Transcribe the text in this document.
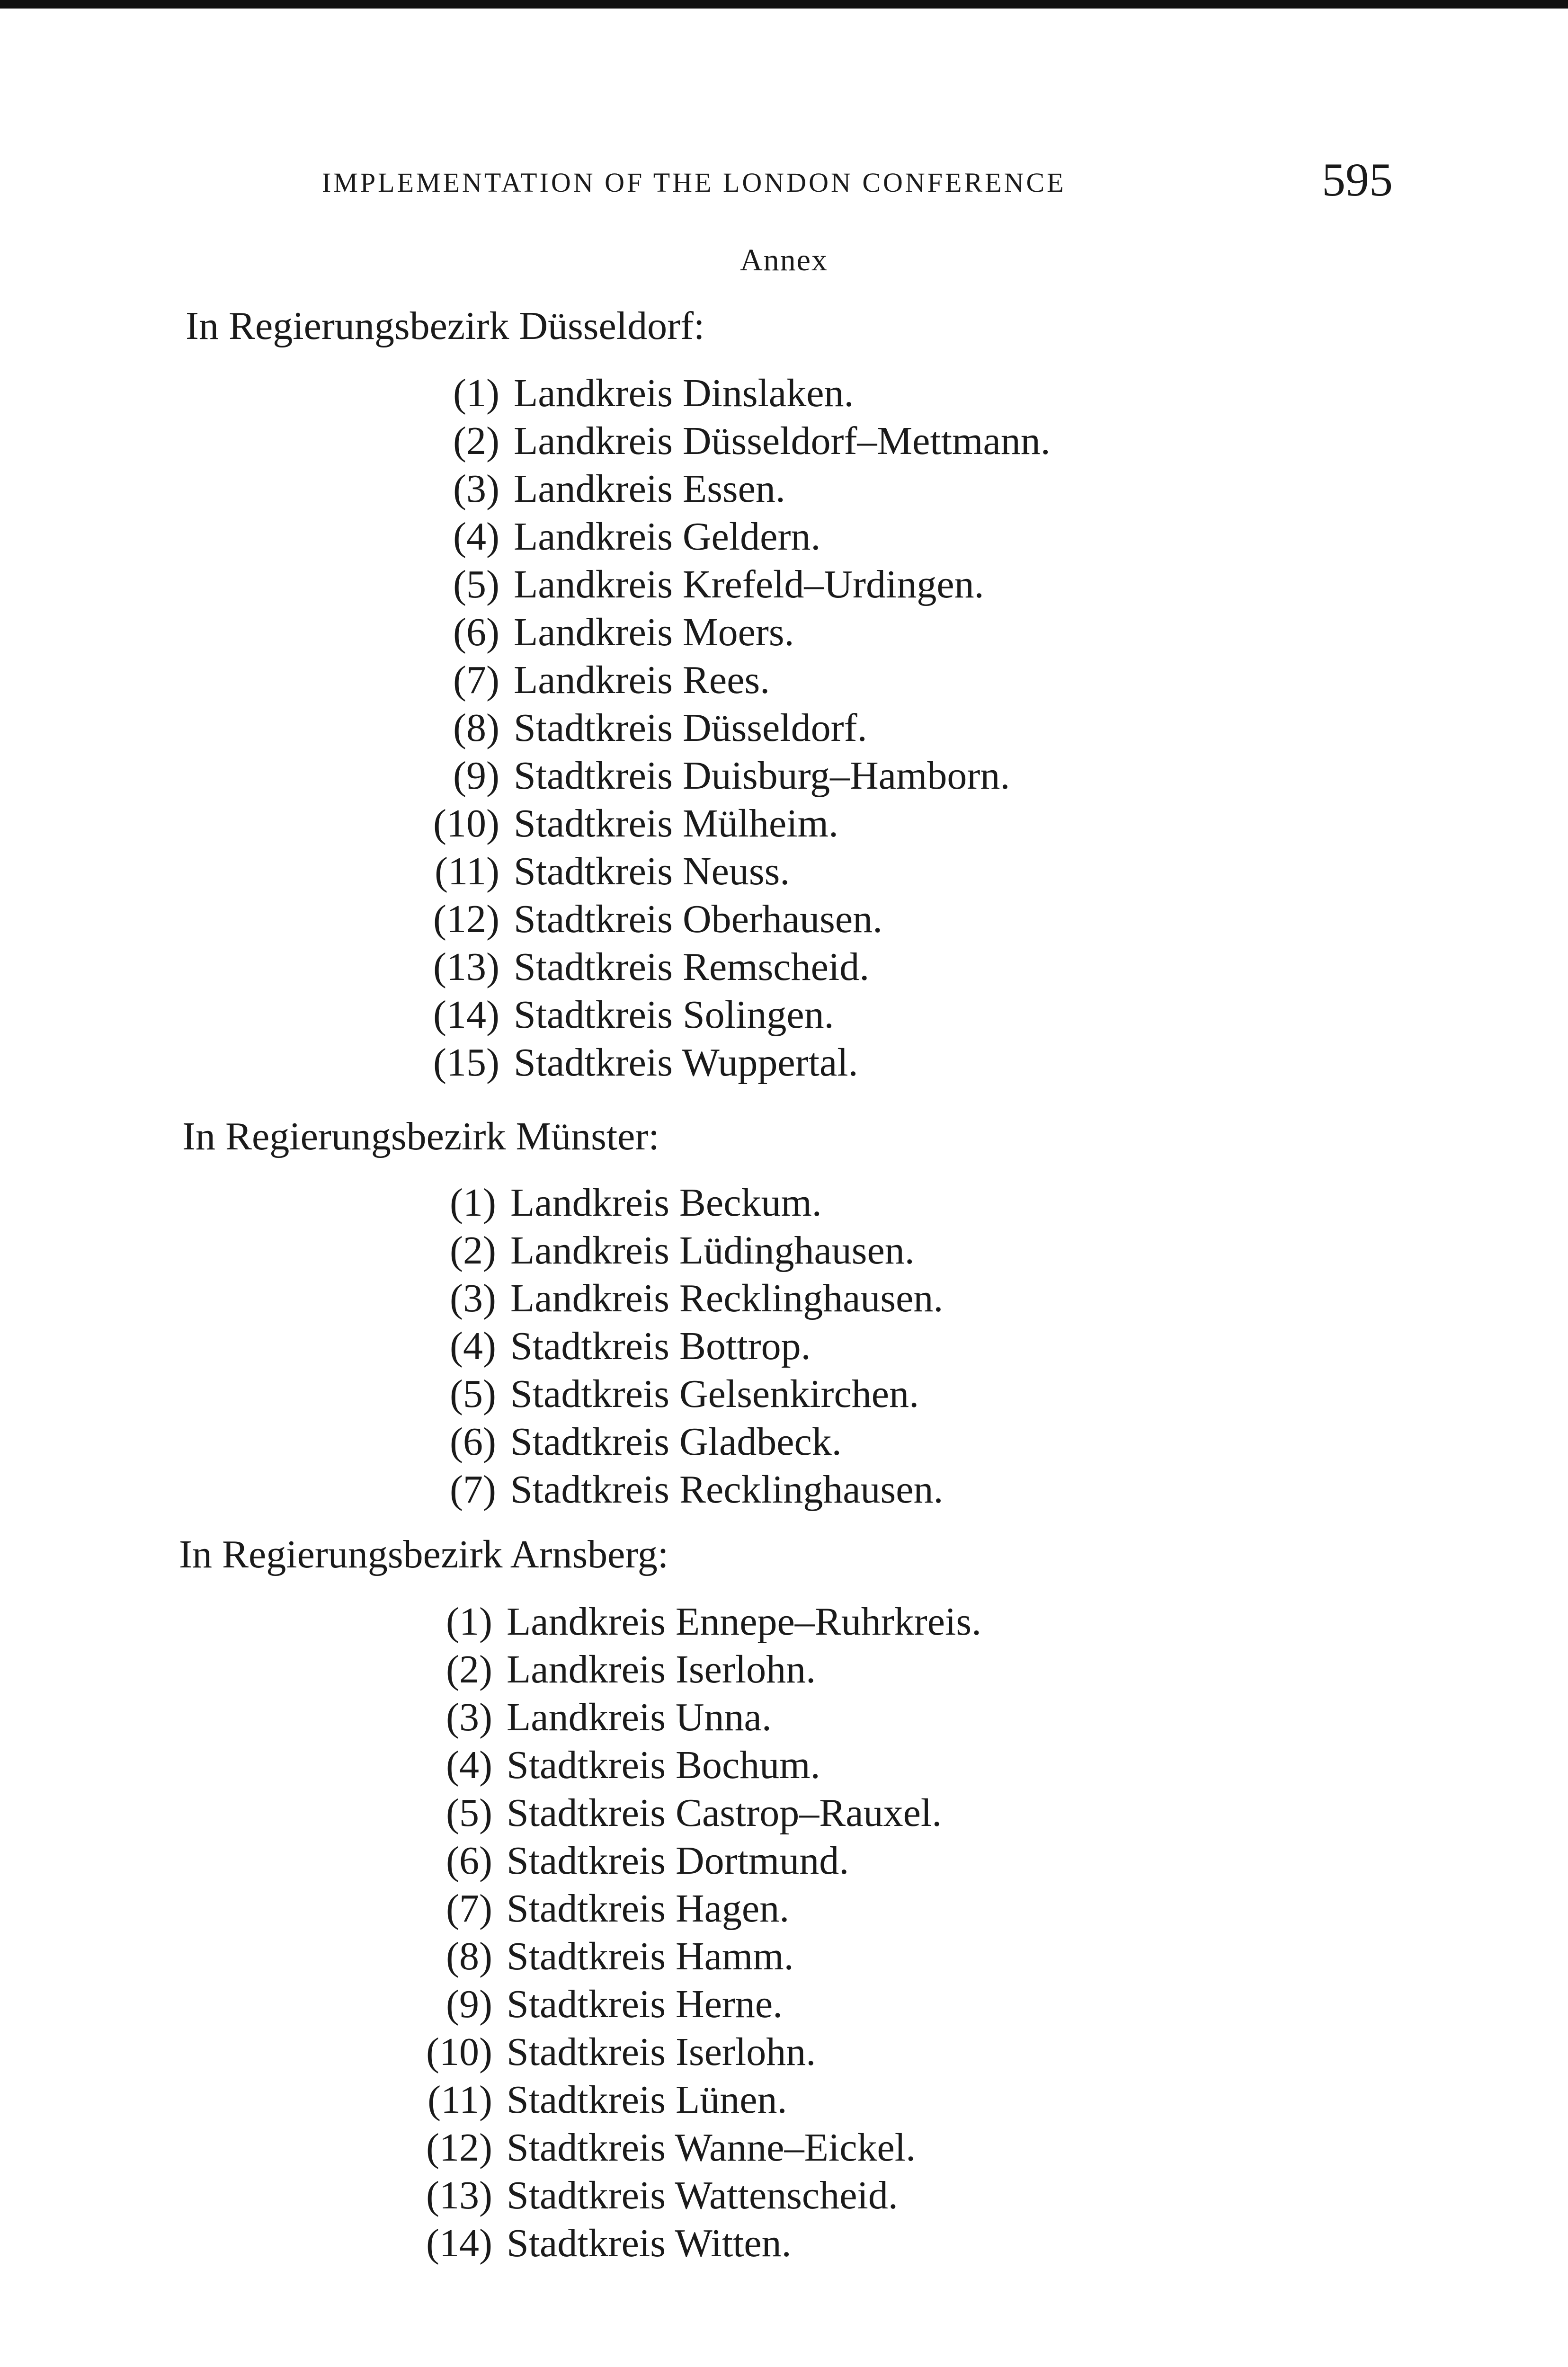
IMPLEMENTATION OF THE LONDON CONFERENCE	595
Annex
In Regierungsbezirk Düsseldorf:
(1) Landkreis Dinslaken.
(2) Landkreis Düsseldorf–Mettmann.
(3) Landkreis Essen.
(4) Landkreis Geldern.
(5) Landkreis Krefeld–Urdingen.
(6) Landkreis Moers.
(7) Landkreis Rees.
(8) Stadtkreis Düsseldorf.
(9) Stadtkreis Duisburg–Hamborn.
(10) Stadtkreis Mülheim.
(11) Stadtkreis Neuss.
(12) Stadtkreis Oberhausen.
(13) Stadtkreis Remscheid.
(14) Stadtkreis Solingen.
(15) Stadtkreis Wuppertal.
In Regierungsbezirk Münster:
(1) Landkreis Beckum.
(2) Landkreis Lüdinghausen.
(3) Landkreis Recklinghausen.
(4) Stadtkreis Bottrop.
(5) Stadtkreis Gelsenkirchen.
(6) Stadtkreis Gladbeck.
(7) Stadtkreis Recklinghausen.
In Regierungsbezirk Arnsberg:
(1) Landkreis Ennepe–Ruhrkreis.
(2) Landkreis Iserlohn.
(3) Landkreis Unna.
(4) Stadtkreis Bochum.
(5) Stadtkreis Castrop–Rauxel.
(6) Stadtkreis Dortmund.
(7) Stadtkreis Hagen.
(8) Stadtkreis Hamm.
(9) Stadtkreis Herne.
(10) Stadtkreis Iserlohn.
(11) Stadtkreis Lünen.
(12) Stadtkreis Wanne–Eickel.
(13) Stadtkreis Wattenscheid.
(14) Stadtkreis Witten.
